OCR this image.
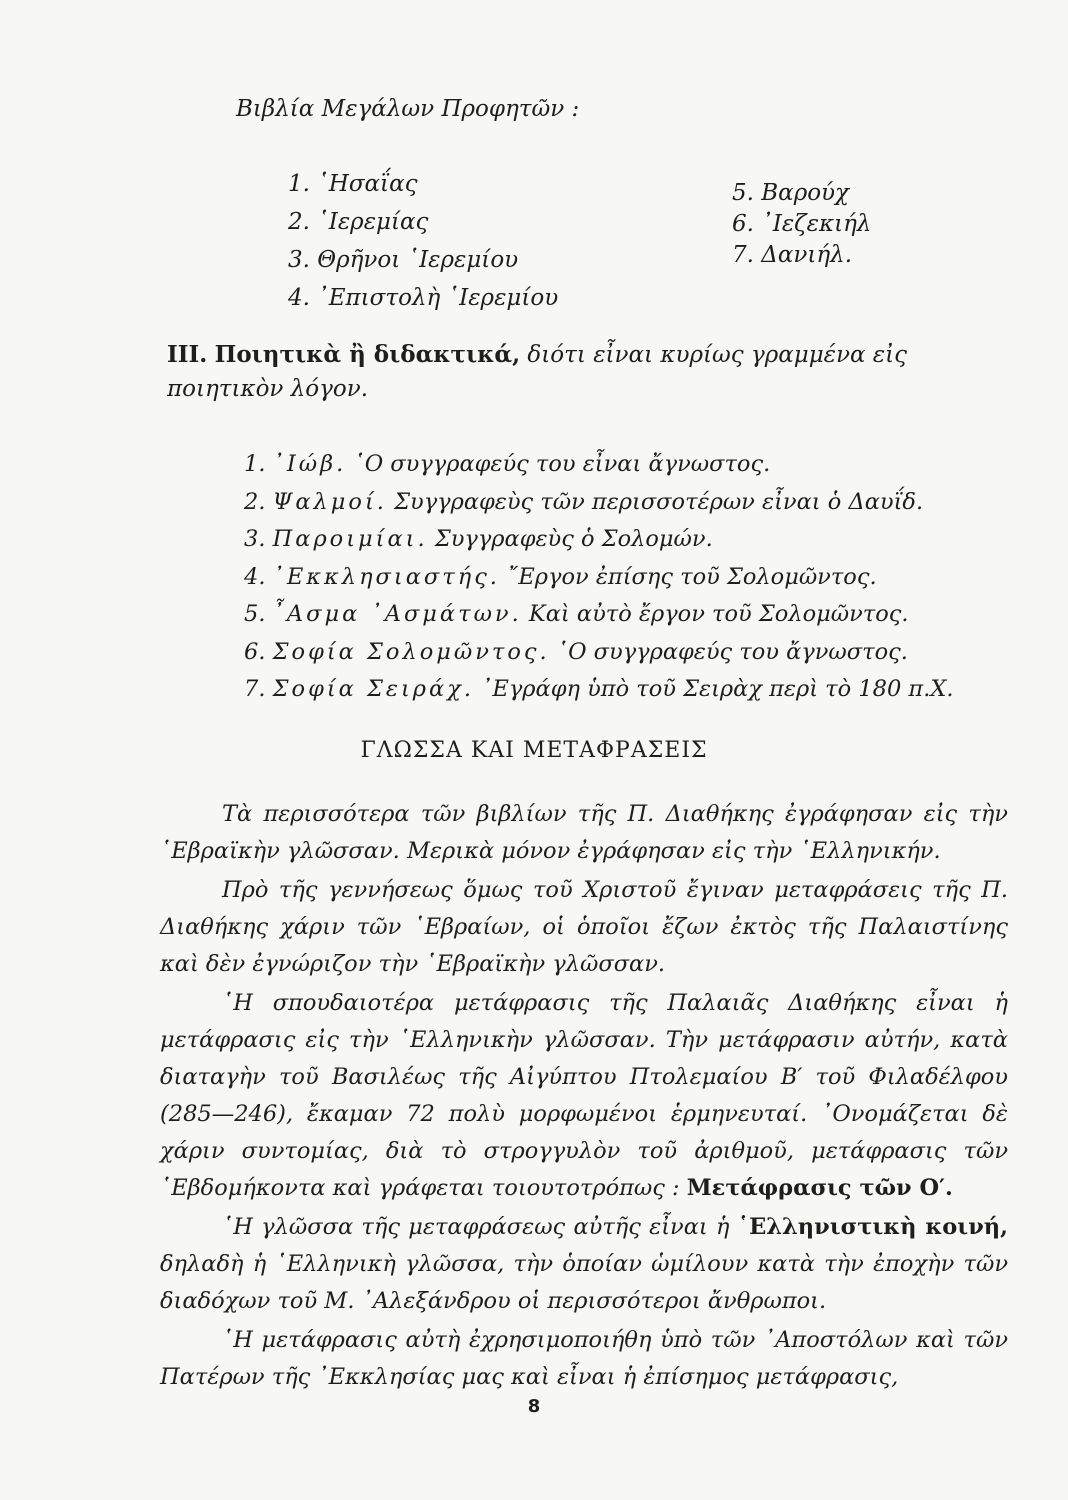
Βιβλία Μεγάλων Προφητῶν :
1. ῾Ησαΐας
2. ῾Ιερεμίας
3. Θρῆνοι ῾Ιερεμίου
4. ᾿Επιστολὴ ῾Ιερεμίου
5. Βαρούχ
6. ᾿Ιεζεκιήλ
7. Δανιήλ.
III. Ποιητικὰ ἢ διδακτικά, διότι εἶναι κυρίως γραμμένα εἰς ποιητικὸν λόγον.
1. ᾿Ιώβ. ῾Ο συγγραφεύς του εἶναι ἄγνωστος.
2. Ψαλμοί. Συγγραφεὺς τῶν περισσοτέρων εἶναι ὁ Δαυΐδ.
3. Παροιμίαι. Συγγραφεὺς ὁ Σολομών.
4. ᾿Εκκλησιαστής. ῎Εργον ἐπίσης τοῦ Σολομῶντος.
5. ῏Ασμα ᾿Ασμάτων. Καὶ αὐτὸ ἔργον τοῦ Σολομῶντος.
6. Σοφία Σολομῶντος. ῾Ο συγγραφεύς του ἄγνωστος.
7. Σοφία Σειράχ. ᾿Εγράφη ὑπὸ τοῦ Σειρὰχ περὶ τὸ 180 π.Χ.
ΓΛΩΣΣΑ ΚΑΙ ΜΕΤΑΦΡΑΣΕΙΣ

Τὰ περισσότερα τῶν βιβλίων τῆς Π. Διαθήκης ἐγράφησαν εἰς τὴν ῾Εβραϊκὴν γλῶσσαν. Μερικὰ μόνον ἐγράφησαν εἰς τὴν ῾Ελληνικήν.

Πρὸ τῆς γεννήσεως ὅμως τοῦ Χριστοῦ ἔγιναν μεταφράσεις τῆς Π. Διαθήκης χάριν τῶν ῾Εβραίων, οἱ ὁποῖοι ἔζων ἐκτὸς τῆς Παλαιστίνης καὶ δὲν ἐγνώριζον τὴν ῾Εβραϊκὴν γλῶσσαν.

῾Η σπουδαιοτέρα μετάφρασις τῆς Παλαιᾶς Διαθήκης εἶναι ἡ μετάφρασις εἰς τὴν ῾Ελληνικὴν γλῶσσαν. Τὴν μετάφρασιν αὐτήν, κατὰ διαταγὴν τοῦ Βασιλέως τῆς Αἰγύπτου Πτολεμαίου Β′ τοῦ Φιλαδέλφου (285—246), ἔκαμαν 72 πολὺ μορφωμένοι ἑρμηνευταί. ᾿Ονομάζεται δὲ χάριν συντομίας, διὰ τὸ στρογγυλὸν τοῦ ἀριθμοῦ, μετάφρασις τῶν ῾Εβδομήκοντα καὶ γράφεται τοιουτοτρόπως : Μετάφρασις τῶν Ο′.

῾Η γλῶσσα τῆς μεταφράσεως αὐτῆς εἶναι ἡ ῾Ελληνιστικὴ κοινή, δηλαδὴ ἡ ῾Ελληνικὴ γλῶσσα, τὴν ὁποίαν ὡμίλουν κατὰ τὴν ἐποχὴν τῶν διαδόχων τοῦ Μ. ᾿Αλεξάνδρου οἱ περισσότεροι ἄνθρωποι.

῾Η μετάφρασις αὐτὴ ἐχρησιμοποιήθη ὑπὸ τῶν ᾿Αποστόλων καὶ τῶν Πατέρων τῆς ᾿Εκκλησίας μας καὶ εἶναι ἡ ἐπίσημος μετάφρασις,

8
